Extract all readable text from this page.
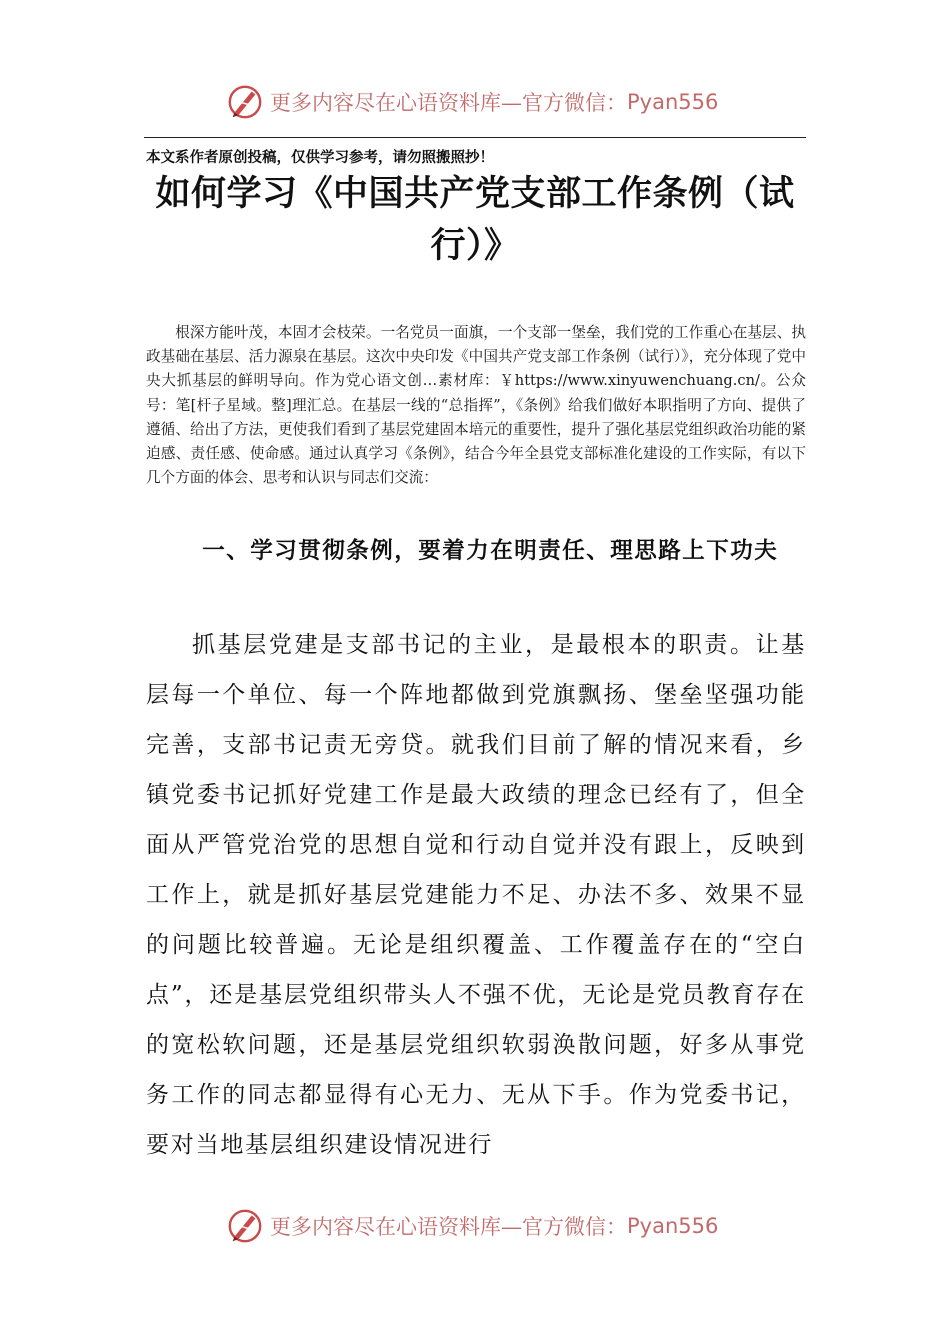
更多内容尽在心语资料库—官方微信： Pyan556
本文系作者原创投稿，仅供学习参考，请勿照搬照抄！
如何学习《中国共产党支部工作条例（试行）》
根深方能叶茂，本固才会枝荣。一名党员一面旗，一个支部一堡垒，我们党的工作重心在基层、执政基础在基层、活力源泉在基层。这次中央印发《中国共产党支部工作条例（试行）》，充分体现了党中央大抓基层的鲜明导向。作为党心语文创…素材库：￥https://www.xinyuwenchuang.cn/。公众号：笔[杆子星域。整]理汇总。在基层一线的“总指挥”，《条例》给我们做好本职指明了方向、提供了遵循、给出了方法，更使我们看到了基层党建固本培元的重要性，提升了强化基层党组织政治功能的紧迫感、责任感、使命感。通过认真学习《条例》，结合今年全县党支部标准化建设的工作实际，有以下几个方面的体会、思考和认识与同志们交流：
一、学习贯彻条例，要着力在明责任、理思路上下功夫
抓基层党建是支部书记的主业，是最根本的职责。让基层每一个单位、每一个阵地都做到党旗飘扬、堡垒坚强功能完善，支部书记责无旁贷。就我们目前了解的情况来看，乡镇党委书记抓好党建工作是最大政绩的理念已经有了，但全面从严管党治党的思想自觉和行动自觉并没有跟上，反映到工作上，就是抓好基层党建能力不足、办法不多、效果不显的问题比较普遍。无论是组织覆盖、工作覆盖存在的“空白点”，还是基层党组织带头人不强不优，无论是党员教育存在的宽松软问题，还是基层党组织软弱涣散问题，好多从事党务工作的同志都显得有心无力、无从下手。作为党委书记，要对当地基层组织建设情况进行
更多内容尽在心语资料库—官方微信： Pyan556
